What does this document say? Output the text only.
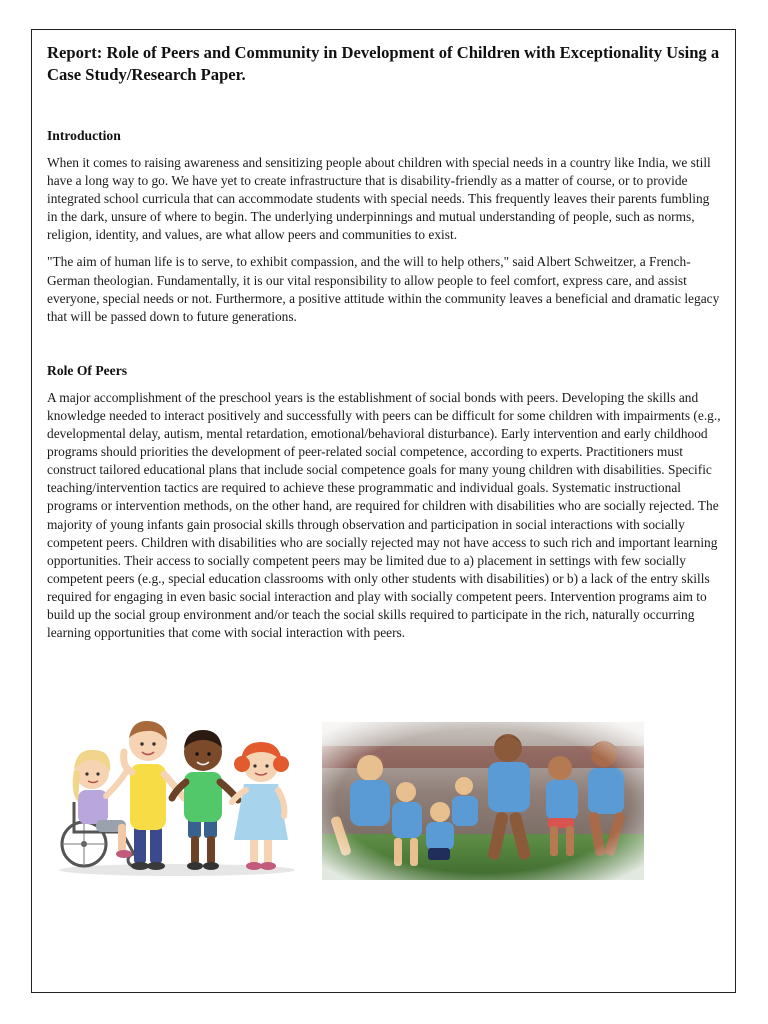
Report: Role of Peers and Community in Development of Children with Exceptionality Using a Case Study/Research Paper.
Introduction

When it comes to raising awareness and sensitizing people about children with special needs in a country like India, we still have a long way to go. We have yet to create infrastructure that is disability-friendly as a matter of course, or to provide integrated school curricula that can accommodate students with special needs. This frequently leaves their parents fumbling in the dark, unsure of where to begin. The underlying underpinnings and mutual understanding of people, such as norms, religion, identity, and values, are what allow peers and communities to exist.

"The aim of human life is to serve, to exhibit compassion, and the will to help others," said Albert Schweitzer, a French-German theologian. Fundamentally, it is our vital responsibility to allow people to feel comfort, express care, and assist everyone, special needs or not. Furthermore, a positive attitude within the community leaves a beneficial and dramatic legacy that will be passed down to future generations.

Role Of Peers

A major accomplishment of the preschool years is the establishment of social bonds with peers. Developing the skills and knowledge needed to interact positively and successfully with peers can be difficult for some children with impairments (e.g., developmental delay, autism, mental retardation, emotional/behavioral disturbance). Early intervention and early childhood programs should priorities the development of peer-related social competence, according to experts. Practitioners must construct tailored educational plans that include social competence goals for many young children with disabilities. Specific teaching/intervention tactics are required to achieve these programmatic and individual goals. Systematic instructional programs or intervention methods, on the other hand, are required for children with disabilities who are socially rejected. The majority of young infants gain prosocial skills through observation and participation in social interactions with socially competent peers. Children with disabilities who are socially rejected may not have access to such rich and important learning opportunities. Their access to socially competent peers may be limited due to a) placement in settings with few socially competent peers (e.g., special education classrooms with only other students with disabilities) or b) a lack of the entry skills required for engaging in even basic social interaction and play with socially competent peers. Intervention programs aim to build up the social group environment and/or teach the social skills required to participate in the rich, naturally occurring learning opportunities that come with social interaction with peers.
